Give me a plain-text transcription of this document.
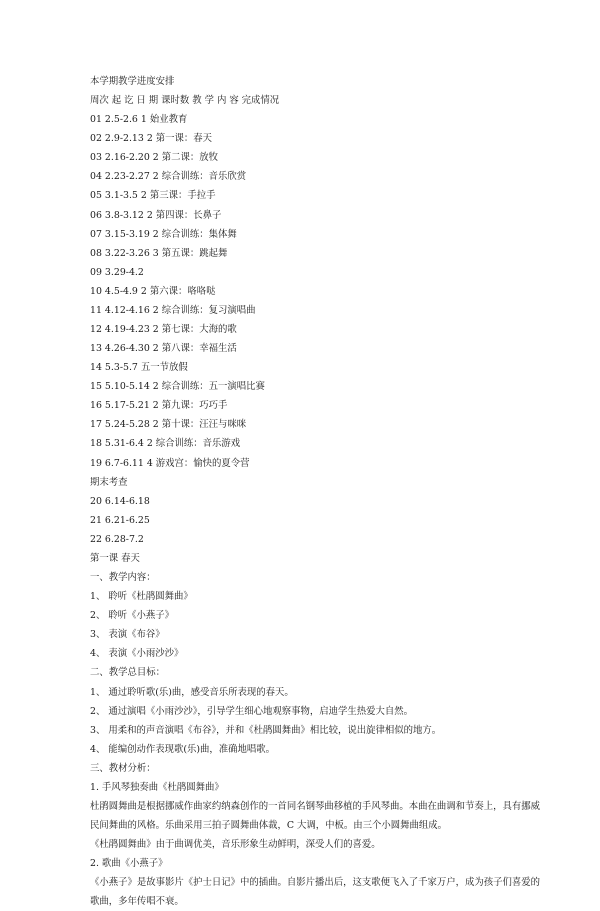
本学期教学进度安排
周次 起 讫 日 期 课时数 教 学 内 容 完成情况
01 2.5-2.6 1 始业教育
02 2.9-2.13 2 第一课：春天
03 2.16-2.20 2 第二课：放牧
04 2.23-2.27 2 综合训练：音乐欣赏
05 3.1-3.5 2 第三课：手拉手
06 3.8-3.12 2 第四课：长鼻子
07 3.15-3.19 2 综合训练：集体舞
08 3.22-3.26 3 第五课：跳起舞
09 3.29-4.2
10 4.5-4.9 2 第六课：咯咯哒
11 4.12-4.16 2 综合训练：复习演唱曲
12 4.19-4.23 2 第七课：大海的歌
13 4.26-4.30 2 第八课：幸福生活
14 5.3-5.7 五一节放假
15 5.10-5.14 2 综合训练：五一演唱比赛
16 5.17-5.21 2 第九课：巧巧手
17 5.24-5.28 2 第十课：汪汪与咪咪
18 5.31-6.4 2 综合训练：音乐游戏
19 6.7-6.11 4 游戏宫：愉快的夏令营
期末考查
20 6.14-6.18
21 6.21-6.25
22 6.28-7.2
第一课 春天
一、教学内容：
1、 聆听《杜鹃圆舞曲》
2、 聆听《小燕子》
3、 表演《布谷》
4、 表演《小雨沙沙》
二、教学总目标：
1、 通过聆听歌(乐)曲，感受音乐所表现的春天。
2、 通过演唱《小雨沙沙》，引导学生细心地观察事物，启迪学生热爱大自然。
3、 用柔和的声音演唱《布谷》，并和《杜鹃圆舞曲》相比较，说出旋律相似的地方。
4、 能编创动作表现歌(乐)曲，准确地唱歌。
三、教材分析：
1. 手风琴独奏曲《杜鹃圆舞曲》
杜鹃圆舞曲是根据挪威作曲家约纳森创作的一首同名钢琴曲移植的手风琴曲。本曲在曲调和节奏上，具有挪威民间舞曲的风格。乐曲采用三拍子圆舞曲体裁，C 大调，中板。由三个小圆舞曲组成。
《杜鹃圆舞曲》由于曲调优美，音乐形象生动鲜明，深受人们的喜爱。
2. 歌曲《小燕子》
《小燕子》是故事影片《护士日记》中的插曲。自影片播出后，这支歌便飞入了千家万户，成为孩子们喜爱的歌曲，多年传唱不衰。
